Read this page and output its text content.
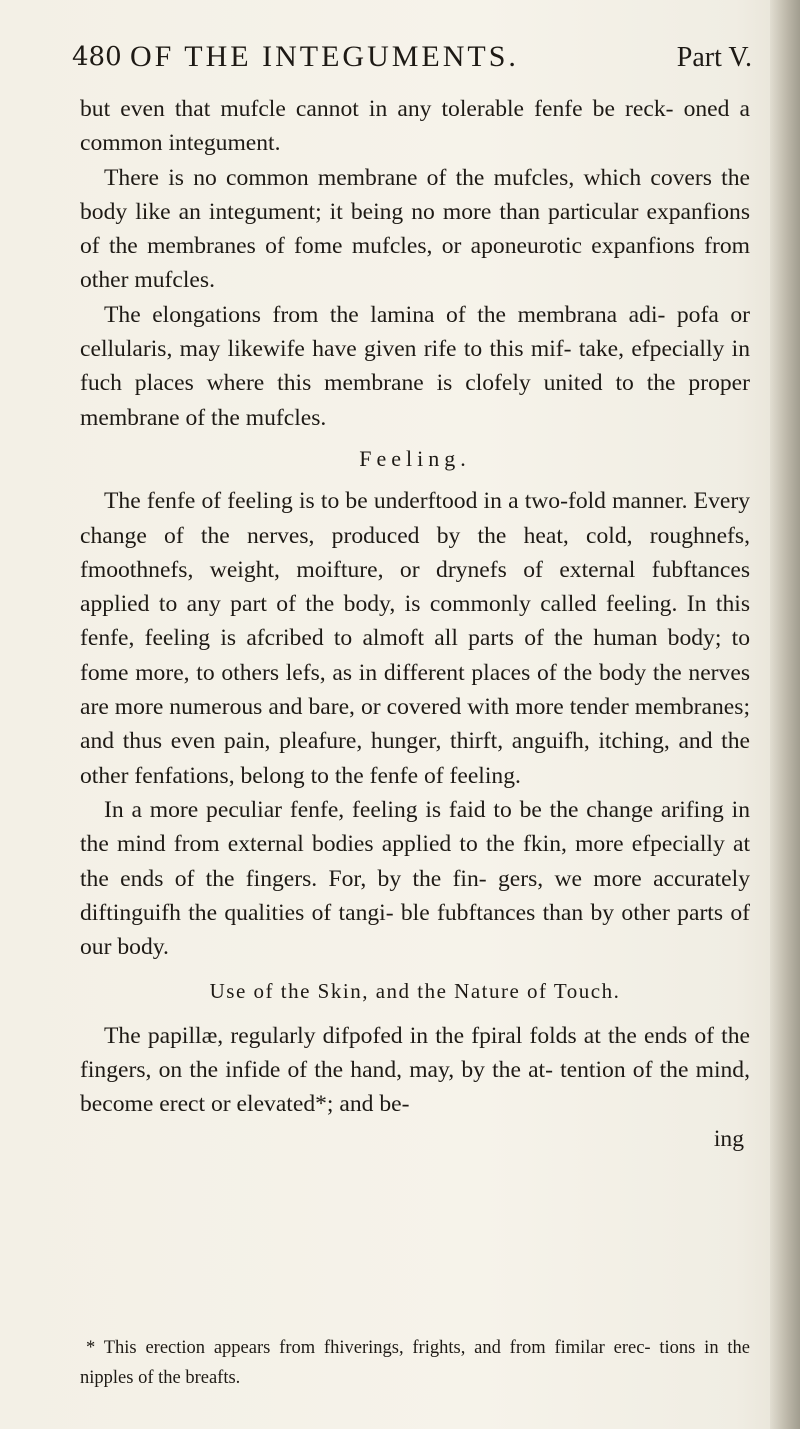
480 OF THE INTEGUMENTS.	Part V.

but even that mufcle cannot in any tolerable fenfe be reck- oned a common integument.

There is no common membrane of the mufcles, which covers the body like an integument; it being no more than particular expanfions of the membranes of fome mufcles, or aponeurotic expanfions from other mufcles.

The elongations from the lamina of the membrana adi- pofa or cellularis, may likewife have given rife to this mif- take, efpecially in fuch places where this membrane is clofely united to the proper membrane of the mufcles.

Feeling.

The fenfe of feeling is to be underftood in a two-fold manner. Every change of the nerves, produced by the heat, cold, roughnefs, fmoothnefs, weight, moifture, or drynefs of external fubftances applied to any part of the body, is commonly called feeling. In this fenfe, feeling is afcribed to almoft all parts of the human body; to fome more, to others lefs, as in different places of the body the nerves are more numerous and bare, or covered with more tender membranes; and thus even pain, pleafure, hunger, thirft, anguifh, itching, and the other fenfations, belong to the fenfe of feeling.

In a more peculiar fenfe, feeling is faid to be the change arifing in the mind from external bodies applied to the fkin, more efpecially at the ends of the fingers. For, by the fin- gers, we more accurately diftinguifh the qualities of tangi- ble fubftances than by other parts of our body.

Use of the Skin, and the Nature of Touch.

The papillæ, regularly difpofed in the fpiral folds at the ends of the fingers, on the infide of the hand, may, by the at- tention of the mind, become erect or elevated*; and be-

ing

* This erection appears from fhiverings, frights, and from fimilar erec- tions in the nipples of the breafts.
